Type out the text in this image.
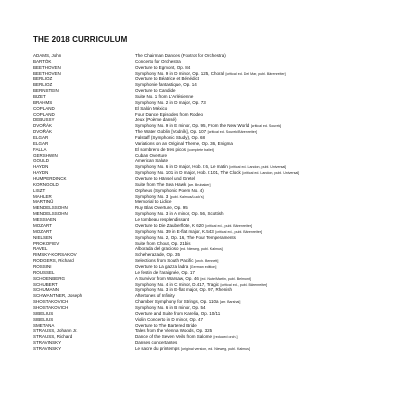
THE 2018 CURRICULUM
ADAMS, John	The Chairman Dances (Foxtrot for Orchestra)
BARTÓK	Concerto for Orchestra
BEETHOVEN	Overture to Egmont, Op. 84
BEETHOVEN	Symphony No. 9 in D minor, Op. 125, Choral [critical ed. Del Mar, publ. Bärenreiter]
BERLIOZ	Overture to Béatrice et Bénédict
BERLIOZ	Symphonie fantastique, Op. 14
BERNSTEIN	Overture to Candide
BIZET	Suite No. 1 from L'Arlésienne
BRAHMS	Symphony No. 2 in D major, Op. 73
COPLAND	El Salón México
COPLAND	Four Dance Episodes from Rodeo
DEBUSSY	Jeux (Poème dansé)
DVOŘÁK	Symphony No. 9 in E minor, Op. 95, From the New World [critical ed. Sourek]
DVOŘÁK	The Water Goblin [Vodník], Op. 107 [critical ed. Sourek/Bärenreiter]
ELGAR	Falstaff (Symphonic Study), Op. 68
ELGAR	Variations on an Original Theme, Op. 36, Enigma
FALLA	El sombrero de tres picos [complete ballet]
GERSHWIN	Cuban Overture
GOULD	American Salute
HAYDN	Symphony No. 6 in D major, Hob. I:6, Le matin [critical ed. Landon, publ. Universal]
HAYDN	Symphony No. 101 in D major, Hob. I:101, The Clock [critical ed. Landon, publ. Universal]
HUMPERDINCK	Overture to Hänsel und Gretel
KORNGOLD	Suite from The Sea Hawk [arr. Brubaker]
LISZT	Orpheus (Symphonic Poem No. 4)
MAHLER	Symphony No. 3 [publ. Kalmus/Luck's]
MARTINŮ	Memorial to Lidice
MENDELSSOHN	Ruy Blas Overture, Op. 95
MENDELSSOHN	Symphony No. 3 in A minor, Op. 56, Scottish
MESSIAEN	Le tombeau resplendissant
MOZART	Overture to Die Zauberflöte, K 620 [critical ed., publ. Bärenreiter]
MOZART	Symphony No. 39 in E-flat major, K.543 [critical ed., publ. Bärenreiter]
NIELSEN	Symphony No. 2, Op. 16, The Four Temperaments
PROKOFIEV	Suite from Chout, Op. 21bis
RAVEL	Alborada del gracioso [ed. Nieweg, publ. Kalmus]
RIMSKY-KORSAKOV	Scheherazade, Op. 35
RODGERS, Richard	Selections from South Pacific [orch. Bennett]
ROSSINI	Overture to La gazza ladra [German edition]
ROUSSEL	Le festin de l'araignée, Op. 17
SCHOENBERG	A Survivor from Warsaw, Op. 46 [ed. Nute/Martin, publ. Belmont]
SCHUBERT	Symphony No. 4 in C minor, D.417, Tragic [critical ed., publ. Bärenreiter]
SCHUMANN	Symphony No. 3 in E-flat major, Op. 97, Rhenish
SCHWANTNER, Joseph	Aftertones of Infinity
SHOSTAKOVICH	Chamber Symphony for Strings, Op. 110a [arr. Barshai]
SHOSTAKOVICH	Symphony No. 6 in B minor, Op. 54
SIBELIUS	Overture and Suite from Karelia, Op. 10/11
SIBELIUS	Violin Concerto in D minor, Op. 47
SMETANA	Overture to The Bartered Bride
STRAUSS, Johann Jr.	Tales from the Vienna Woods, Op. 325
STRAUSS, Richard	Dance of the Seven Veils from Salome [reduced orch.]
STRAVINSKY	Danses concertantes
STRAVINSKY	Le sacre du printemps [original version, ed. Nieweg, publ. Kalmus]
